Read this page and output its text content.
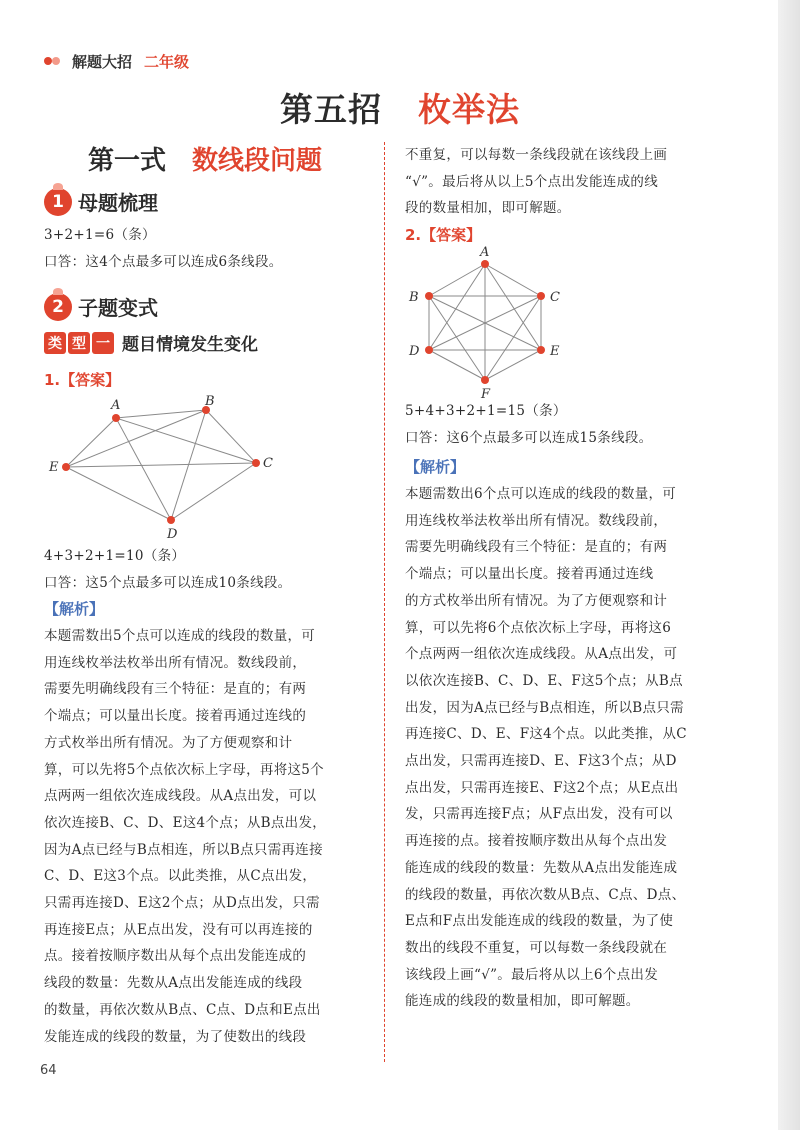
解题大招 二年级
第五招 枚举法
第一式 数线段问题
1 母题梳理

3+2+1=6（条）

口答：这4个点最多可以连成6条线段。

2 子题变式
类 型 一 题目情境发生变化
1.【答案】
A	B
C
D
E

4+3+2+1=10（条）

口答：这5个点最多可以连成10条线段。

【解析】

本题需数出5个点可以连成的线段的数量，可

用连线枚举法枚举出所有情况。数线段前，

需要先明确线段有三个特征：是直的；有两

个端点；可以量出长度。接着再通过连线的

方式枚举出所有情况。为了方便观察和计

算，可以先将5个点依次标上字母，再将这5个

点两两一组依次连成线段。从A点出发，可以

依次连接B、C、D、E这4个点；从B点出发，

因为A点已经与B点相连，所以B点只需再连接

C、D、E这3个点。以此类推，从C点出发，

只需再连接D、E这2个点；从D点出发，只需

再连接E点；从E点出发，没有可以再连接的

点。接着按顺序数出从每个点出发能连成的

线段的数量：先数从A点出发能连成的线段

的数量，再依次数从B点、C点、D点和E点出

发能连成的线段的数量，为了使数出的线段

不重复，可以每数一条线段就在该线段上画

“√”。最后将从以上5个点出发能连成的线

段的数量相加，即可解题。

2.【答案】
A
B	C
D	E
F

5+4+3+2+1=15（条）

口答：这6个点最多可以连成15条线段。

【解析】

本题需数出6个点可以连成的线段的数量，可

用连线枚举法枚举出所有情况。数线段前，

需要先明确线段有三个特征：是直的；有两

个端点；可以量出长度。接着再通过连线

的方式枚举出所有情况。为了方便观察和计

算，可以先将6个点依次标上字母，再将这6

个点两两一组依次连成线段。从A点出发，可

以依次连接B、C、D、E、F这5个点；从B点

出发，因为A点已经与B点相连，所以B点只需

再连接C、D、E、F这4个点。以此类推，从C

点出发，只需再连接D、E、F这3个点；从D

点出发，只需再连接E、F这2个点；从E点出

发，只需再连接F点；从F点出发，没有可以

再连接的点。接着按顺序数出从每个点出发

能连成的线段的数量：先数从A点出发能连成

的线段的数量，再依次数从B点、C点、D点、

E点和F点出发能连成的线段的数量，为了使

数出的线段不重复，可以每数一条线段就在

该线段上画“√”。最后将从以上6个点出发

能连成的线段的数量相加，即可解题。

64
